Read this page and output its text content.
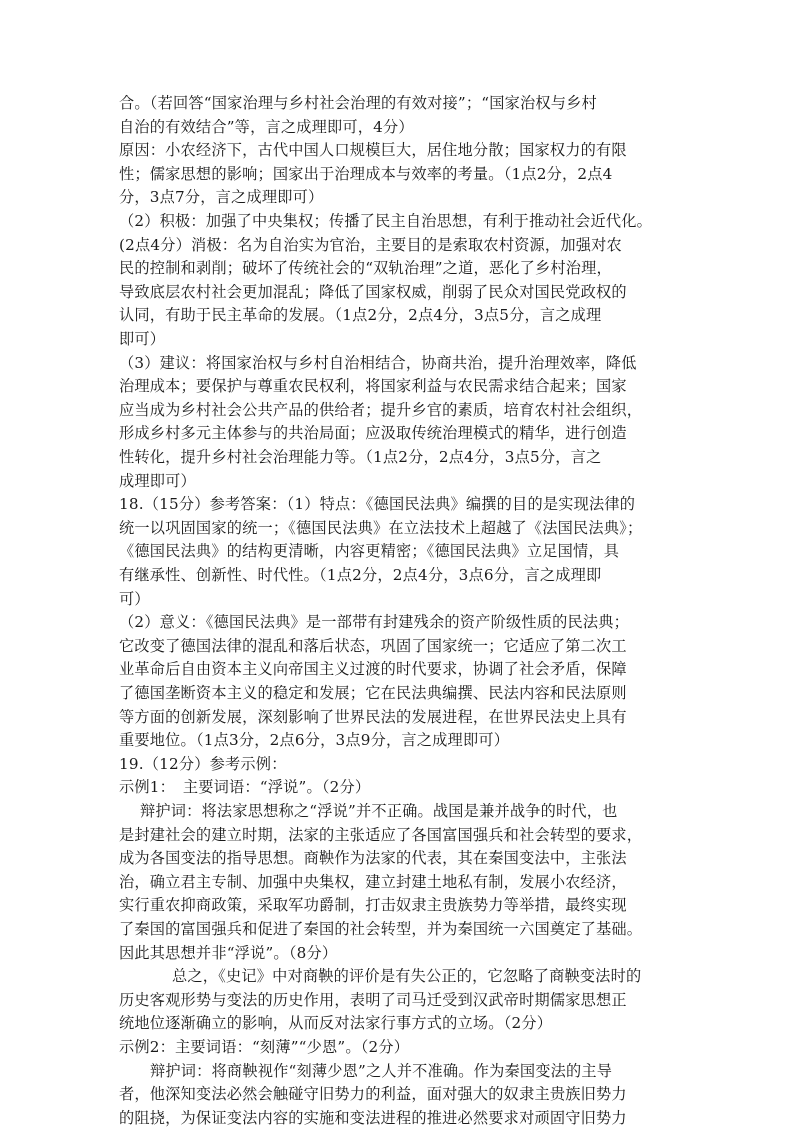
合。（若回答“国家治理与乡村社会治理的有效对接”；“国家治权与乡村
自治的有效结合”等，言之成理即可，4分）
原因：小农经济下，古代中国人口规模巨大，居住地分散；国家权力的有限
性；儒家思想的影响；国家出于治理成本与效率的考量。（1点2分，2点4
分，3点7分，言之成理即可）
（2）积极：加强了中央集权；传播了民主自治思想，有利于推动社会近代化。
(2点4分）消极：名为自治实为官治，主要目的是索取农村资源，加强对农
民的控制和剥削；破坏了传统社会的“双轨治理”之道，恶化了乡村治理，
导致底层农村社会更加混乱；降低了国家权威，削弱了民众对国民党政权的
认同，有助于民主革命的发展。（1点2分，2点4分，3点5分，言之成理
即可）
（3）建议：将国家治权与乡村自治相结合，协商共治，提升治理效率，降低
治理成本；要保护与尊重农民权利，将国家利益与农民需求结合起来；国家
应当成为乡村社会公共产品的供给者；提升乡官的素质，培育农村社会组织，
形成乡村多元主体参与的共治局面；应汲取传统治理模式的精华，进行创造
性转化，提升乡村社会治理能力等。（1点2分，2点4分，3点5分，言之
成理即可）
18.（15分）参考答案：（1）特点：《德国民法典》编撰的目的是实现法律的
统一以巩固国家的统一；《德国民法典》在立法技术上超越了《法国民法典》；
《德国民法典》的结构更清晰，内容更精密；《德国民法典》立足国情，具
有继承性、创新性、时代性。（1点2分，2点4分，3点6分，言之成理即
可）
（2）意义：《德国民法典》是一部带有封建残余的资产阶级性质的民法典；
它改变了德国法律的混乱和落后状态，巩固了国家统一；它适应了第二次工
业革命后自由资本主义向帝国主义过渡的时代要求，协调了社会矛盾，保障
了德国垄断资本主义的稳定和发展；它在民法典编撰、民法内容和民法原则
等方面的创新发展，深刻影响了世界民法的发展进程，在世界民法史上具有
重要地位。（1点3分，2点6分，3点9分，言之成理即可）
19.（12分）参考示例：
示例1：　主要词语：“浮说”。（2分）
辩护词：将法家思想称之“浮说”并不正确。战国是兼并战争的时代，也
是封建社会的建立时期，法家的主张适应了各国富国强兵和社会转型的要求，
成为各国变法的指导思想。商鞅作为法家的代表，其在秦国变法中，主张法
治，确立君主专制、加强中央集权，建立封建土地私有制，发展小农经济，
实行重农抑商政策，采取军功爵制，打击奴隶主贵族势力等举措，最终实现
了秦国的富国强兵和促进了秦国的社会转型，并为秦国统一六国奠定了基础。
因此其思想并非“浮说”。（8分）
总之，《史记》中对商鞅的评价是有失公正的，它忽略了商鞅变法时的
历史客观形势与变法的历史作用，表明了司马迁受到汉武帝时期儒家思想正
统地位逐渐确立的影响，从而反对法家行事方式的立场。（2分）
示例2：主要词语：“刻薄”“少恩”。（2分）
辩护词：将商鞅视作“刻薄少恩”之人并不准确。作为秦国变法的主导
者，他深知变法必然会触碰守旧势力的利益，面对强大的奴隶主贵族旧势力
的阻挠，为保证变法内容的实施和变法进程的推进必然要求对顽固守旧势力
